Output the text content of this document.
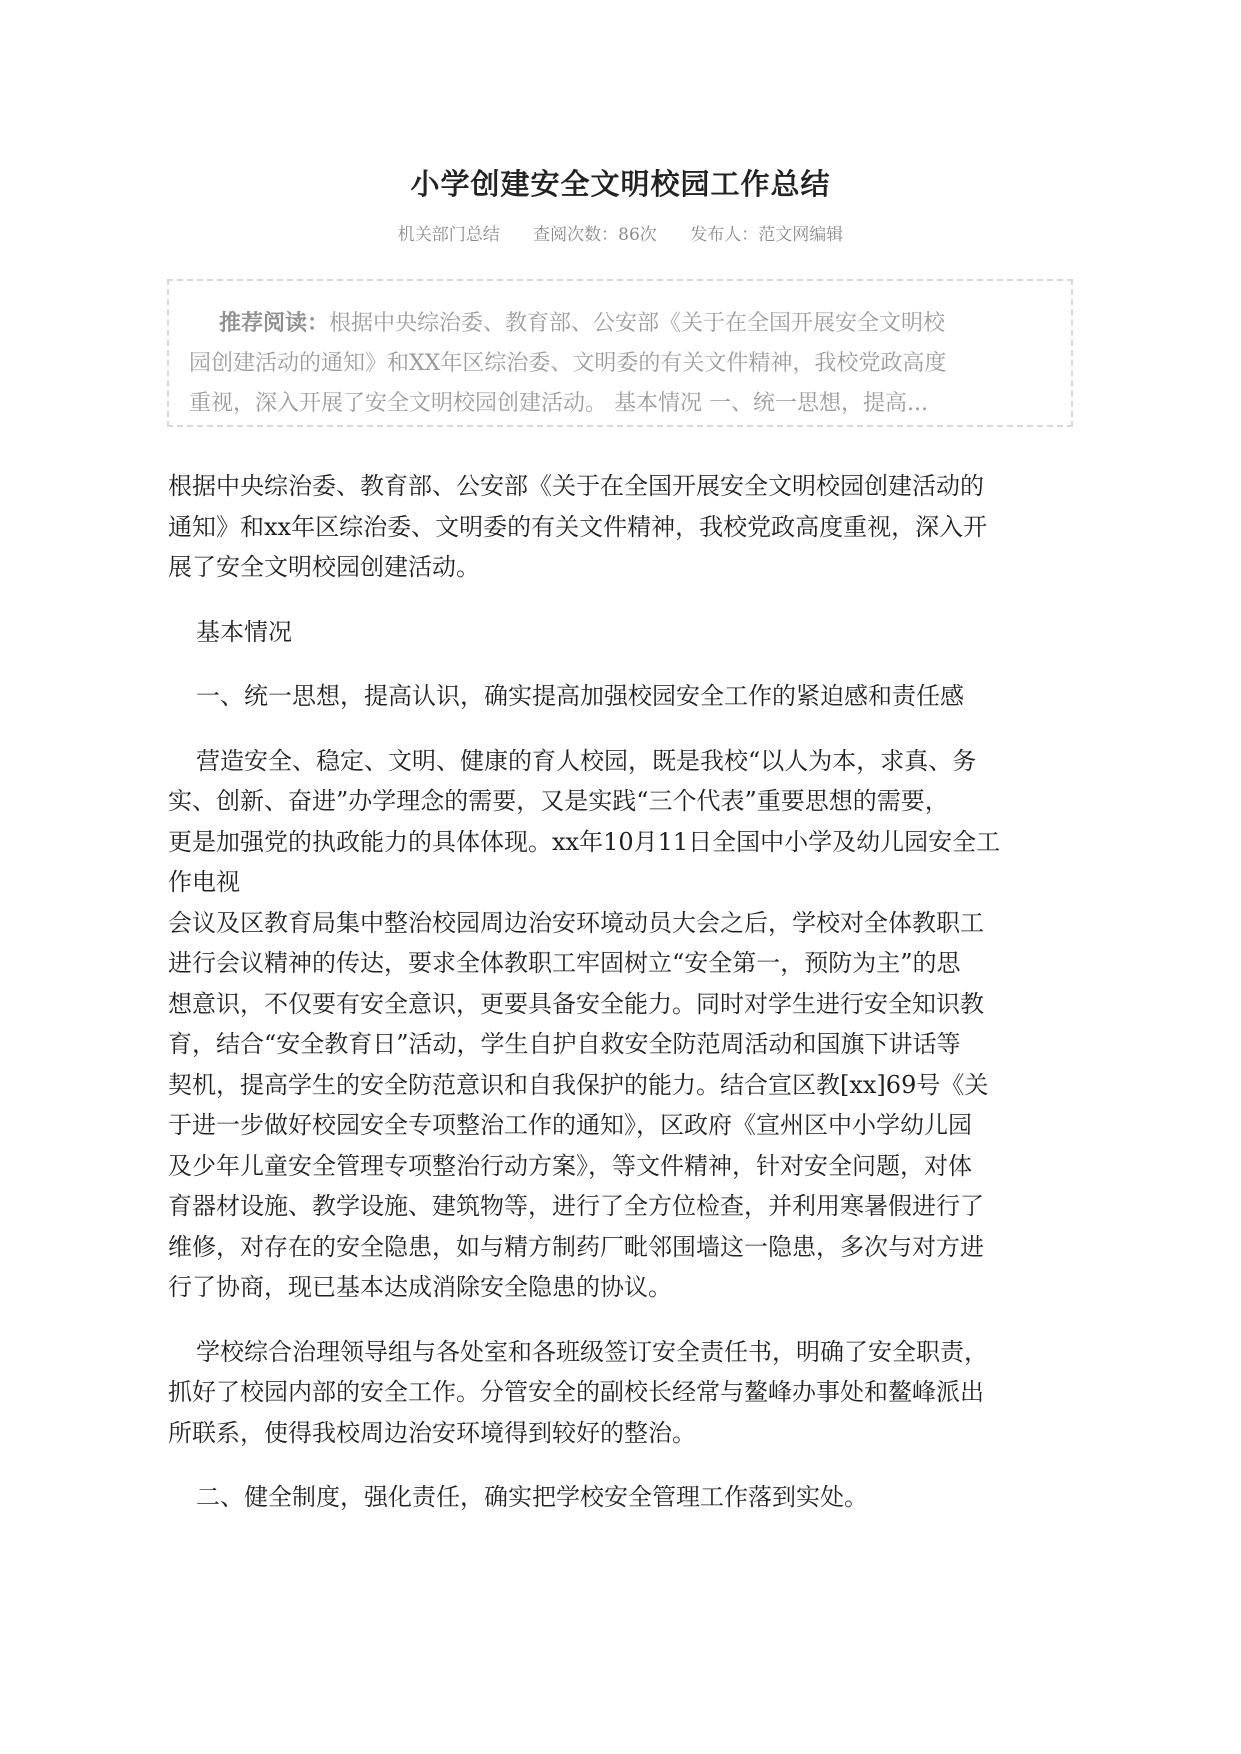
小学创建安全文明校园工作总结
机关部门总结 查阅次数：86次 发布人：范文网编辑
推荐阅读：根据中央综治委、教育部、公安部《关于在全国开展安全文明校
园创建活动的通知》和XX年区综治委、文明委的有关文件精神，我校党政高度
重视，深入开展了安全文明校园创建活动。 基本情况 一、统一思想，提高...
根据中央综治委、教育部、公安部《关于在全国开展安全文明校园创建活动的
通知》和xx年区综治委、文明委的有关文件精神，我校党政高度重视，深入开
展了安全文明校园创建活动。
基本情况
一、统一思想，提高认识，确实提高加强校园安全工作的紧迫感和责任感
营造安全、稳定、文明、健康的育人校园，既是我校“以人为本，求真、务
实、创新、奋进”办学理念的需要，又是实践“三个代表”重要思想的需要，
更是加强党的执政能力的具体体现。xx年10月11日全国中小学及幼儿园安全工
作电视
会议及区教育局集中整治校园周边治安环境动员大会之后，学校对全体教职工
进行会议精神的传达，要求全体教职工牢固树立“安全第一，预防为主”的思
想意识，不仅要有安全意识，更要具备安全能力。同时对学生进行安全知识教
育，结合“安全教育日”活动，学生自护自救安全防范周活动和国旗下讲话等
契机，提高学生的安全防范意识和自我保护的能力。结合宣区教[xx]69号《关
于进一步做好校园安全专项整治工作的通知》，区政府《宣州区中小学幼儿园
及少年儿童安全管理专项整治行动方案》，等文件精神，针对安全问题，对体
育器材设施、教学设施、建筑物等，进行了全方位检查，并利用寒暑假进行了
维修，对存在的安全隐患，如与精方制药厂毗邻围墙这一隐患，多次与对方进
行了协商，现已基本达成消除安全隐患的协议。
学校综合治理领导组与各处室和各班级签订安全责任书，明确了安全职责，
抓好了校园内部的安全工作。分管安全的副校长经常与鳌峰办事处和鳌峰派出
所联系，使得我校周边治安环境得到较好的整治。
二、健全制度，强化责任，确实把学校安全管理工作落到实处。
